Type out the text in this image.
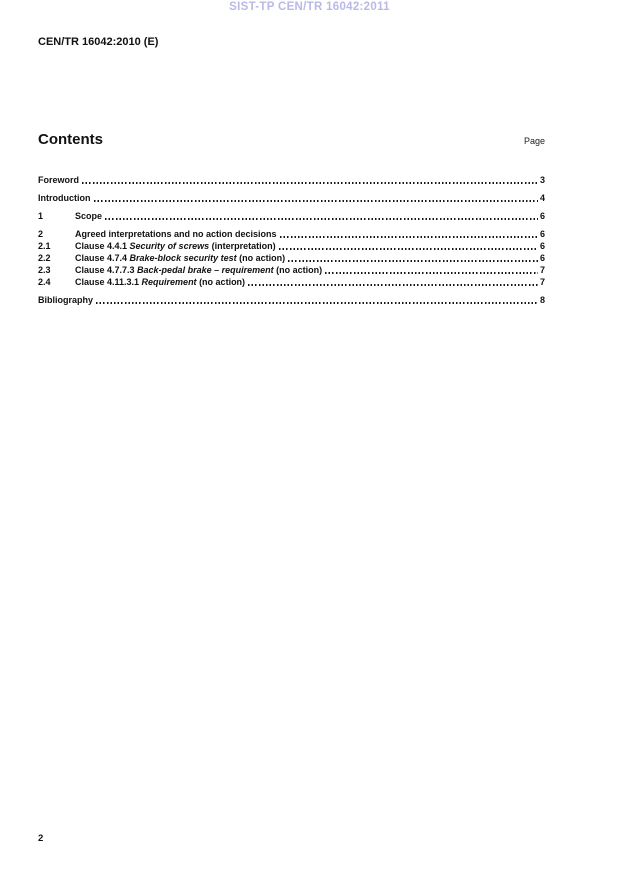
SIST-TP CEN/TR 16042:2011
CEN/TR 16042:2010 (E)
Contents	Page
Foreword	3
Introduction	4
1	Scope	6
2	Agreed interpretations and no action decisions	6
2.1	Clause 4.4.1 Security of screws (interpretation)	6
2.2	Clause 4.7.4 Brake-block security test (no action)	6
2.3	Clause 4.7.7.3 Back-pedal brake – requirement (no action)	7
2.4	Clause 4.11.3.1 Requirement (no action)	7
Bibliography	8
2
